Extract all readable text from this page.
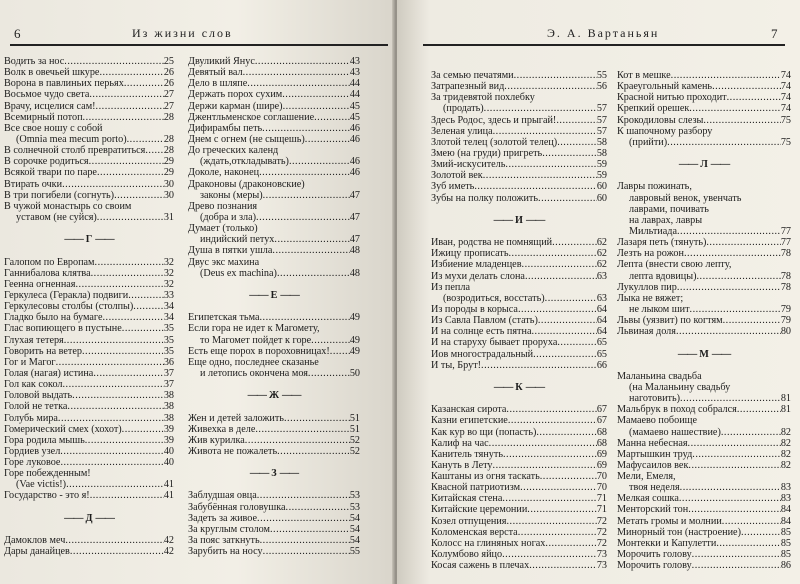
6	Из жизни слов
Водить за нос .....	25
Волк в овечьей шкуре .....	26
Ворона в павлиньих перьях .....	26
Восьмое чудо света .....	27
Врачу, исцелися сам! .....	27
Всемирный потоп .....	28
Все свое ношу с собой
(Omnia mea mecum porto) .....	28
В солнечной столб превратиться ..... 28
В сорочке родиться .....	29
Всякой твари по паре .....	29
Втирать очки .....	30
В три погибели (согнуть) .....	30
В чужой монастырь со своим
уставом (не суйся) .....	31
—— Г ——
Галопом по Европам .....	32
Ганнибалова клятва .....	32
Геенна огненная .....	32
Геркулеса (Геракла) подвиги .....	33
Геркулесовы столбы (столпы) .....	34
Гладко было на бумаге .....	34
Глас вопиющего в пустыне .....	35
Глухая тетеря .....	35
Говорить на ветер .....	35
Гог и Магог .....	36
Голая (нагая) истина .....	37
Гол как сокол .....	37
Головой выдать .....	38
Голой не тетка .....	38
Голубь мира .....	38
Гомерический смех (хохот) .....	39
Гора родила мышь .....	39
Гордиев узел .....	40
Горе луковое .....	40
Горе побежденным!
(Vae victis!) .....	41
Государство - это я! .....	41
—— Д ——
Дамоклов меч .....	42
Дары данайцев .....	42
Двуликий Янус .....	43
Девятый вал .....	43
Дело в шляпе .....	44
Держать порох сухим .....	44
Держи карман (шире) .....	45
Джентльменское соглашение .....	45
Дифирамбы петь .....	46
Днем с огнем (не сыщешь) .....	46
До греческих календ
(ждать,откладывать) .....	46
Доколе, наконец .....	46
Драконовы (драконовские)
законы (меры) .....	47
Древо познания
(добра и зла) .....	47
Думает (только)
индийский петух .....	47
Душа в пятки ушла .....	48
Двус экс махина
(Deus ex machina) .....	48
—— Е ——
Египетская тьма .....	49
Если гора не идет к Магомету,
то Магомет пойдет к горе .....	49
Есть еще порох в пороховницах! ..... 49
Еще одно, последнее сказанье
и летопись окончена моя .....	50
—— Ж ——
Жен и детей заложить .....	51
Живехка в деле .....	51
Жив курилка .....	52
Живота не пожалеть .....	52
—— З ——
Заблудшая овца .....	53
Забубённая головушка .....	53
Задеть за живое .....	54
За круглым столом .....	54
За пояс заткнуть .....	54
Зарубить на носу .....	55
Э. А. Вартаньян	7
За семью печатями .....	55
Затрапезный вид .....	56
За тридевятой похлебку
(продать) .....	57
Здесь Родос, здесь и прыгай! .....	57
Зеленая улица .....	57
Злотой телец (золотой телец) .....	58
Змею (на груди) пригреть .....	58
Змий-искуситель .....	59
Золотой век .....	59
Зуб иметь .....	60
Зубы на полку положить .....	60
—— И ——
Иван, родства не помнящий .....	62
Ижицу прописать .....	62
Избиение младенцев .....	62
Из мухи делать слона .....	63
Из пепла
(возродиться, восстать) .....	63
Из породы в корыса .....	64
Из Савла Павлом (стать) .....	64
И на солнце есть пятна .....	64
И на старуху бывает проруха .....	65
Иов многострадальный .....	65
И ты, Брут! .....	66
—— К ——
Казанская сирота .....	67
Казни египетские .....	67
Как кур во щи (попасть) .....	68
Калиф на час .....	68
Канитель тянуть .....	69
Кануть в Лету .....	69
Каштаны из огня таскать .....	70
Квасной патриотизм .....	70
Китайская стена .....	71
Китайские церемонии .....	71
Козел отпущения .....	72
Коломенская верста .....	72
Колосс на глиняных ногах .....	72
Колумбово яйцо .....	73
Косая сажень в плечах .....	73
Кот в мешке .....	74
Краеугольный камень .....	74
Красной нитью проходит .....	74
Крепкий орешек .....	74
Крокодиловы слезы .....	75
К шапочному разбору
(прийти) .....	75
—— Л ——
Лавры пожинать,
лавровый венок, увенчать
лаврами, почивать
на лаврах, лавры
Мильтиада .....	77
Лазаря петь (тянуть) .....	77
Лезть на рожон .....	78
Лепта (внести свою лепту,
лепта вдовицы) .....	78
Лукуллов пир .....	78
Лыка не вяжет;
не лыком шит .....	79
Львы (уязвит) по когтям .....	79
Львиная доля .....	80
—— М ——
Маланьина свадьба
(на Маланьину свадьбу
наготовить) .....	81
Мальбрук в поход собрался .....	81
Мамаево побоище
(мамаево нашествие) .....	82
Манна небесная .....	82
Мартышкин труд .....	82
Мафусаилов век .....	82
Мели, Емеля,
твоя неделя .....	83
Мелкая сошка .....	83
Менторский тон .....	84
Метать громы и молнии .....	84
Минорный тон (настроение) .....	85
Монтекки и Капулетти .....	85
Морочить голову .....	85
Морочить голову .....	86
